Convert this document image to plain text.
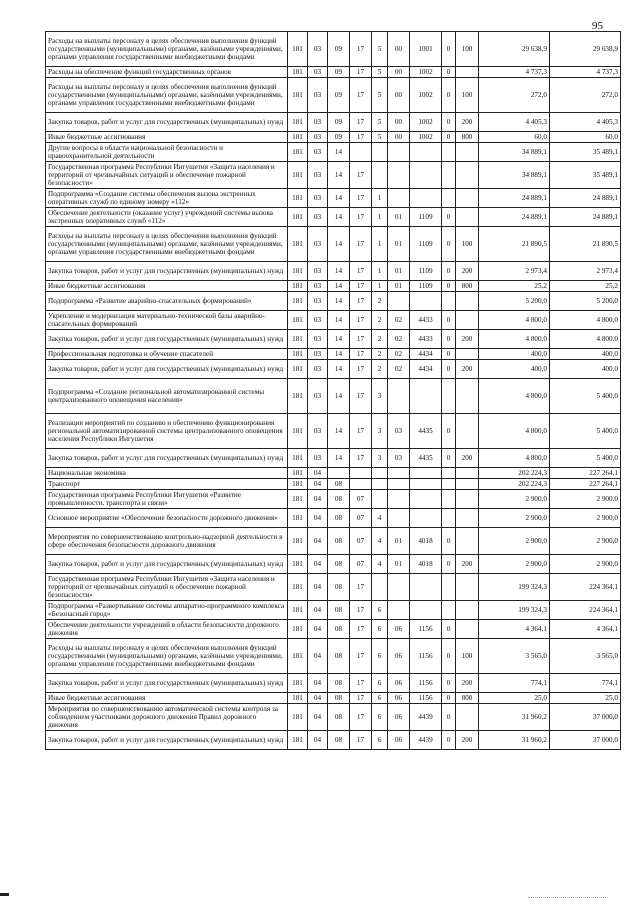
95
Расходы на выплаты персоналу в целях обеспечения выполнения функций государственными (муниципальными) органами, казёнными учреждениями, органами управления государственными внебюджетными фондами	181	03	09	17	5	00	1001	0	100	29 638,9	29 638,9
Расходы на обеспечение функций государственных органов	181	03	09	17	5	00	1002	0		4 737,3	4 737,3
Расходы на выплаты персоналу в целях обеспечения выполнения функций государственными (муниципальными) органами, казёнными учреждениями, органами управления государственными внебюджетными фондами	181	03	09	17	5	00	1002	0	100	272,0	272,0
Закупка товаров, работ и услуг для государственных (муниципальных) нужд	181	03	09	17	5	00	1002	0	200	4 405,3	4 405,3
Иные бюджетные ассигнования	181	03	09	17	5	00	1002	0	800	60,0	60,0
Другие вопросы в области национальной безопасности и правоохранительной деятельности	181	03	14							34 889,1	35 489,1
Государственная программа Республики Ингушетия «Защита населения и территорий от чрезвычайных ситуаций и обеспечение пожарной безопасности»	181	03	14	17						34 889,1	35 489,1
Подпрограмма «Создание системы обеспечения вызова экстренных оперативных служб по единому номеру «112»	181	03	14	17	1					24 889,1	24 889,1
Обеспечение деятельности (оказание услуг) учреждений системы вызова экстренных оперативных служб «112»	181	03	14	17	1	01	1109	0		24 889,1	24 889,1
Расходы на выплаты персоналу в целях обеспечения выполнения функций государственными (муниципальными) органами, казёнными учреждениями, органами управления государственными внебюджетными фондами	181	03	14	17	1	01	1109	0	100	21 890,5	21 890,5
Закупка товаров, работ и услуг для государственных (муниципальных) нужд	181	03	14	17	1	01	1109	0	200	2 973,4	2 973,4
Иные бюджетные ассигнования	181	03	14	17	1	01	1109	0	800	25,2	25,2
Подпрограмма «Развитие аварийно-спасательных формирований»	181	03	14	17	2					5 200,0	5 200,0
Укрепление и модернизация материально-технической базы аварийно-спасательных формирований	181	03	14	17	2	02	4433	0		4 800,0	4 800,0
Закупка товаров, работ и услуг для государственных (муниципальных) нужд	181	03	14	17	2	02	4433	0	200	4 800,0	4 800,0
Профессиональная подготовка и обучение спасателей	181	03	14	17	2	02	4434	0		400,0	400,0
Закупка товаров, работ и услуг для государственных (муниципальных) нужд	181	03	14	17	2	02	4434	0	200	400,0	400,0
Подпрограмма «Создание региональной автоматизированной системы централизованного оповещения населения»	181	03	14	17	3					4 800,0	5 400,0
Реализация мероприятий по созданию и обеспечению функционирования региональной автоматизированной системы централизованного оповещения населения Республики Ингушетия	181	03	14	17	3	03	4435	0		4 800,0	5 400,0
Закупка товаров, работ и услуг для государственных (муниципальных) нужд	181	03	14	17	3	03	4435	0	200	4 800,0	5 400,0
Национальная экономика	181	04								202 224,3	227 264,1
Транспорт	181	04	08							202 224,3	227 264,1
Государственная программа Республики Ингушетия «Развитие промышленности, транспорта и связи»	181	04	08	07						2 900,0	2 900,0
Основное мероприятие «Обеспечение безопасности дорожного движения»	181	04	08	07	4					2 900,0	2 900,0
Мероприятия по совершенствованию контрольно-надзорной деятельности в сфере обеспечения безопасности дорожного движения	181	04	08	07	4	01	4018	0		2 900,0	2 900,0
Закупка товаров, работ и услуг для государственных (муниципальных) нужд	181	04	08	07	4	01	4018	0	200	2 900,0	2 900,0
Государственная программа Республики Ингушетия «Защита населения и территорий от чрезвычайных ситуаций и обеспечение пожарной безопасности»	181	04	08	17						199 324,3	224 364,1
Подпрограмма «Развертывание системы аппаратно-программного комплекса «Безопасный город»	181	04	08	17	6					199 324,3	224 364,1
Обеспечение деятельности учреждений в области безопасности дорожного движения	181	04	08	17	6	06	1156	0		4 364,1	4 364,1
Расходы на выплаты персоналу в целях обеспечения выполнения функций государственными (муниципальными) органами, казёнными учреждениями, органами управления государственными внебюджетными фондами	181	04	08	17	6	06	1156	0	100	3 565,0	3 565,0
Закупка товаров, работ и услуг для государственных (муниципальных) нужд	181	04	08	17	6	06	1156	0	200	774,1	774,1
Иные бюджетные ассигнования	181	04	08	17	6	06	1156	0	800	25,0	25,0
Мероприятия по совершенствованию автоматической системы контроля за соблюдением участниками дорожного движения Правил дорожного движения	181	04	08	17	6	06	4439	0		31 960,2	37 000,0
Закупка товаров, работ и услуг для государственных (муниципальных) нужд	181	04	08	17	6	06	4439	0	200	31 960,2	37 000,0
